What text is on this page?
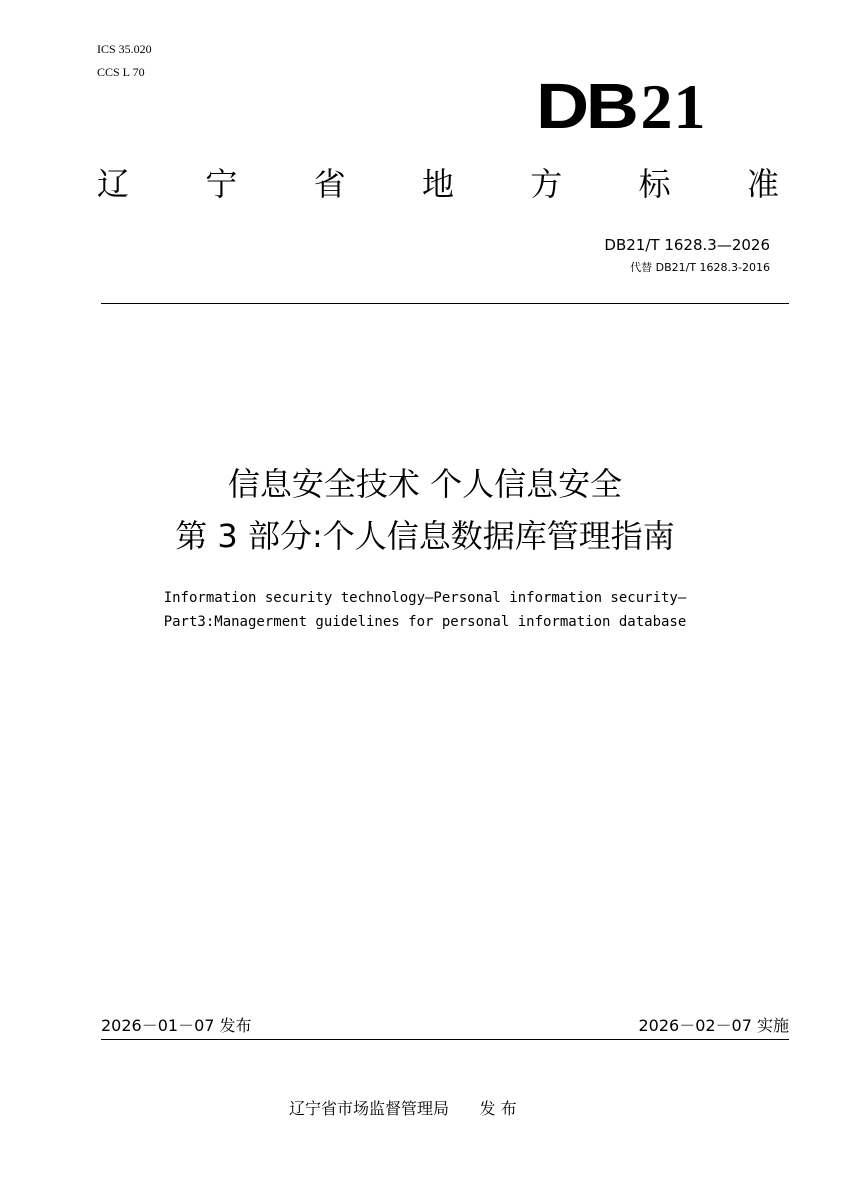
ICS 35.020
CCS L 70	DB21
辽 宁 省 地 方 标 准
DB21/T 1628.3—2026
代替 DB21/T 1628.3-2016
信息安全技术 个人信息安全
第 3 部分:个人信息数据库管理指南
Information security technology—Personal information security—
Part3:Managerment guidelines for personal information database
2026－01－07 发布	2026－02－07 实施
辽宁省市场监督管理局      发 布
